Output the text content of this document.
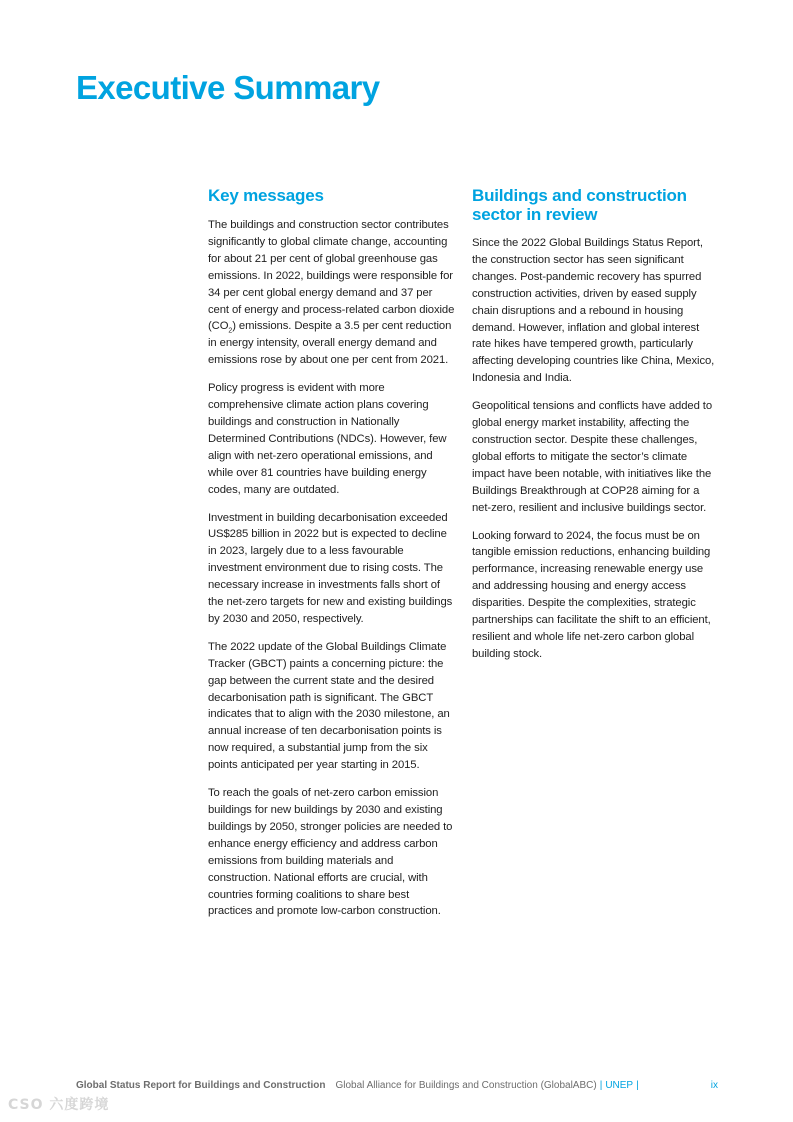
Executive Summary
Key messages

The buildings and construction sector contributes significantly to global climate change, accounting for about 21 per cent of global greenhouse gas emissions. In 2022, buildings were responsible for 34 per cent global energy demand and 37 per cent of energy and process-related carbon dioxide $(CO_2)$ emissions. Despite a 3.5 per cent reduction in energy intensity, overall energy demand and emissions rose by about one per cent from 2021.

Policy progress is evident with more comprehensive climate action plans covering buildings and construction in Nationally Determined Contributions (NDCs). However, few align with net-zero operational emissions, and while over 81 countries have building energy codes, many are outdated.

Investment in building decarbonisation exceeded US$285 billion in 2022 but is expected to decline in 2023, largely due to a less favourable investment environment due to rising costs. The necessary increase in investments falls short of the net-zero targets for new and existing buildings by 2030 and 2050, respectively.

The 2022 update of the Global Buildings Climate Tracker (GBCT) paints a concerning picture: the gap between the current state and the desired decarbonisation path is significant. The GBCT indicates that to align with the 2030 milestone, an annual increase of ten decarbonisation points is now required, a substantial jump from the six points anticipated per year starting in 2015.

To reach the goals of net-zero carbon emission buildings for new buildings by 2030 and existing buildings by 2050, stronger policies are needed to enhance energy efficiency and address carbon emissions from building materials and construction. National efforts are crucial, with countries forming coalitions to share best practices and promote low-carbon construction.

Buildings and construction sector in review

Since the 2022 Global Buildings Status Report, the construction sector has seen significant changes. Post-pandemic recovery has spurred construction activities, driven by eased supply chain disruptions and a rebound in housing demand. However, inflation and global interest rate hikes have tempered growth, particularly affecting developing countries like China, Mexico, Indonesia and India.

Geopolitical tensions and conflicts have added to global energy market instability, affecting the construction sector. Despite these challenges, global efforts to mitigate the sector’s climate impact have been notable, with initiatives like the Buildings Breakthrough at COP28 aiming for a net-zero, resilient and inclusive buildings sector.

Looking forward to 2024, the focus must be on tangible emission reductions, enhancing building performance, increasing renewable energy use and addressing housing and energy access disparities. Despite the complexities, strategic partnerships can facilitate the shift to an efficient, resilient and whole life net-zero carbon global building stock.

Global Status Report for Buildings and Construction Global Alliance for Buildings and Construction (GlobalABC) | UNEP |	ix
CSO 六度跨境
